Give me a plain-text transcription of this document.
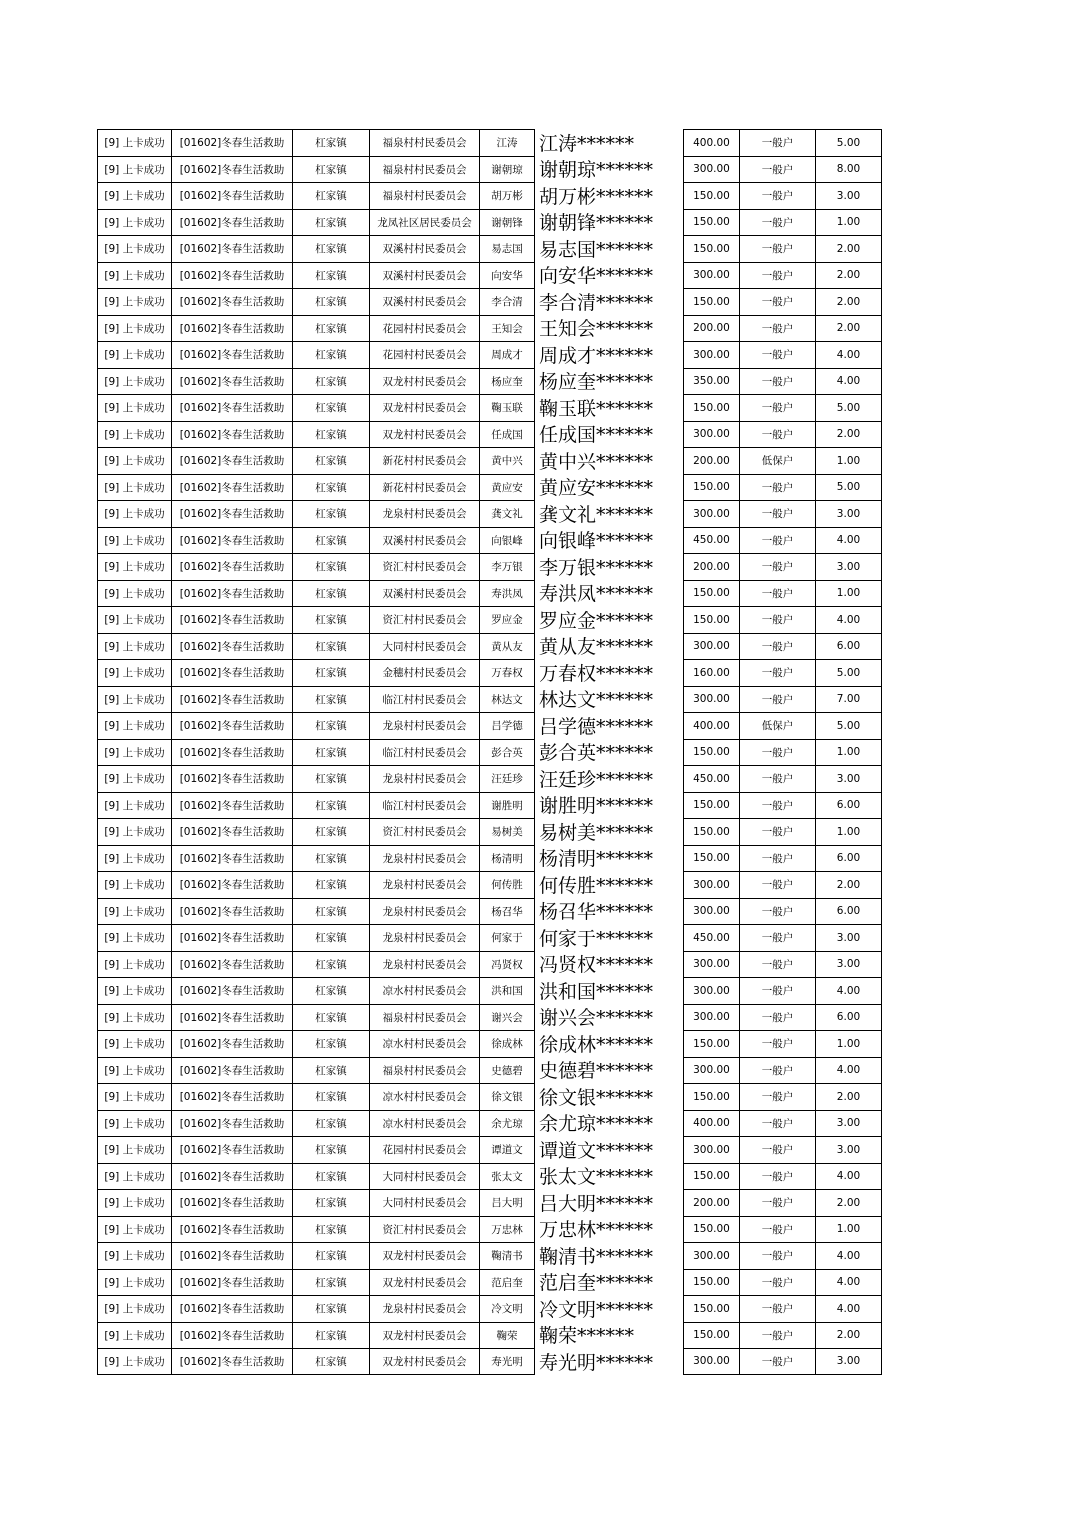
[9] 上卡成功	[01602]冬春生活救助	杠家镇	福泉村村民委员会	江涛	江涛******	400.00	一般户	5.00
[9] 上卡成功	[01602]冬春生活救助	杠家镇	福泉村村民委员会	谢朝琼 谢朝琼******	300.00	一般户	8.00
[9] 上卡成功	[01602]冬春生活救助	杠家镇	福泉村村民委员会	胡万彬 胡万彬******	150.00	一般户	3.00
[9] 上卡成功	[01602]冬春生活救助	杠家镇	龙凤社区居民委员会	谢朝锋 谢朝锋******	150.00	一般户	1.00
[9] 上卡成功	[01602]冬春生活救助	杠家镇	双溪村村民委员会	易志国 易志国******	150.00	一般户	2.00
[9] 上卡成功	[01602]冬春生活救助	杠家镇	双溪村村民委员会	向安华 向安华******	300.00	一般户	2.00
[9] 上卡成功	[01602]冬春生活救助	杠家镇	双溪村村民委员会	李合清 李合清******	150.00	一般户	2.00
[9] 上卡成功	[01602]冬春生活救助	杠家镇	花园村村民委员会	王知会 王知会******	200.00	一般户	2.00
[9] 上卡成功	[01602]冬春生活救助	杠家镇	花园村村民委员会	周成才 周成才******	300.00	一般户	4.00
[9] 上卡成功	[01602]冬春生活救助	杠家镇	双龙村村民委员会	杨应奎 杨应奎******	350.00	一般户	4.00
[9] 上卡成功	[01602]冬春生活救助	杠家镇	双龙村村民委员会	鞠玉联 鞠玉联******	150.00	一般户	5.00
[9] 上卡成功	[01602]冬春生活救助	杠家镇	双龙村村民委员会	任成国 任成国******	300.00	一般户	2.00
[9] 上卡成功	[01602]冬春生活救助	杠家镇	新花村村民委员会	黄中兴 黄中兴******	200.00	低保户	1.00
[9] 上卡成功	[01602]冬春生活救助	杠家镇	新花村村民委员会	黄应安 黄应安******	150.00	一般户	5.00
[9] 上卡成功	[01602]冬春生活救助	杠家镇	龙泉村村民委员会	龚文礼 龚文礼******	300.00	一般户	3.00
[9] 上卡成功	[01602]冬春生活救助	杠家镇	双溪村村民委员会	向银峰 向银峰******	450.00	一般户	4.00
[9] 上卡成功	[01602]冬春生活救助	杠家镇	资汇村村民委员会	李万银 李万银******	200.00	一般户	3.00
[9] 上卡成功	[01602]冬春生活救助	杠家镇	双溪村村民委员会	寿洪凤 寿洪凤******	150.00	一般户	1.00
[9] 上卡成功	[01602]冬春生活救助	杠家镇	资汇村村民委员会	罗应金 罗应金******	150.00	一般户	4.00
[9] 上卡成功	[01602]冬春生活救助	杠家镇	大同村村民委员会	黄从友 黄从友******	300.00	一般户	6.00
[9] 上卡成功	[01602]冬春生活救助	杠家镇	金穗村村民委员会	万春权 万春权******	160.00	一般户	5.00
[9] 上卡成功	[01602]冬春生活救助	杠家镇	临江村村民委员会	林达文 林达文******	300.00	一般户	7.00
[9] 上卡成功	[01602]冬春生活救助	杠家镇	龙泉村村民委员会	吕学德 吕学德******	400.00	低保户	5.00
[9] 上卡成功	[01602]冬春生活救助	杠家镇	临江村村民委员会	彭合英 彭合英******	150.00	一般户	1.00
[9] 上卡成功	[01602]冬春生活救助	杠家镇	龙泉村村民委员会	汪廷珍 汪廷珍******	450.00	一般户	3.00
[9] 上卡成功	[01602]冬春生活救助	杠家镇	临江村村民委员会	谢胜明 谢胜明******	150.00	一般户	6.00
[9] 上卡成功	[01602]冬春生活救助	杠家镇	资汇村村民委员会	易树美 易树美******	150.00	一般户	1.00
[9] 上卡成功	[01602]冬春生活救助	杠家镇	龙泉村村民委员会	杨清明 杨清明******	150.00	一般户	6.00
[9] 上卡成功	[01602]冬春生活救助	杠家镇	龙泉村村民委员会	何传胜 何传胜******	300.00	一般户	2.00
[9] 上卡成功	[01602]冬春生活救助	杠家镇	龙泉村村民委员会	杨召华 杨召华******	300.00	一般户	6.00
[9] 上卡成功	[01602]冬春生活救助	杠家镇	龙泉村村民委员会	何家于 何家于******	450.00	一般户	3.00
[9] 上卡成功	[01602]冬春生活救助	杠家镇	龙泉村村民委员会	冯贤权 冯贤权******	300.00	一般户	3.00
[9] 上卡成功	[01602]冬春生活救助	杠家镇	凉水村村民委员会	洪和国 洪和国******	300.00	一般户	4.00
[9] 上卡成功	[01602]冬春生活救助	杠家镇	福泉村村民委员会	谢兴会 谢兴会******	300.00	一般户	6.00
[9] 上卡成功	[01602]冬春生活救助	杠家镇	凉水村村民委员会	徐成林 徐成林******	150.00	一般户	1.00
[9] 上卡成功	[01602]冬春生活救助	杠家镇	福泉村村民委员会	史德碧 史德碧******	300.00	一般户	4.00
[9] 上卡成功	[01602]冬春生活救助	杠家镇	凉水村村民委员会	徐文银 徐文银******	150.00	一般户	2.00
[9] 上卡成功	[01602]冬春生活救助	杠家镇	凉水村村民委员会	余尤琼 余尤琼******	400.00	一般户	3.00
[9] 上卡成功	[01602]冬春生活救助	杠家镇	花园村村民委员会	谭道文 谭道文******	300.00	一般户	3.00
[9] 上卡成功	[01602]冬春生活救助	杠家镇	大同村村民委员会	张太文 张太文******	150.00	一般户	4.00
[9] 上卡成功	[01602]冬春生活救助	杠家镇	大同村村民委员会	吕大明 吕大明******	200.00	一般户	2.00
[9] 上卡成功	[01602]冬春生活救助	杠家镇	资汇村村民委员会	万忠林 万忠林******	150.00	一般户	1.00
[9] 上卡成功	[01602]冬春生活救助	杠家镇	双龙村村民委员会	鞠清书 鞠清书******	300.00	一般户	4.00
[9] 上卡成功	[01602]冬春生活救助	杠家镇	双龙村村民委员会	范启奎 范启奎******	150.00	一般户	4.00
[9] 上卡成功	[01602]冬春生活救助	杠家镇	龙泉村村民委员会	冷文明 冷文明******	150.00	一般户	4.00
[9] 上卡成功	[01602]冬春生活救助	杠家镇	双龙村村民委员会	鞠荣	鞠荣******	150.00	一般户	2.00
[9] 上卡成功	[01602]冬春生活救助	杠家镇	双龙村村民委员会	寿光明 寿光明******	300.00	一般户	3.00
